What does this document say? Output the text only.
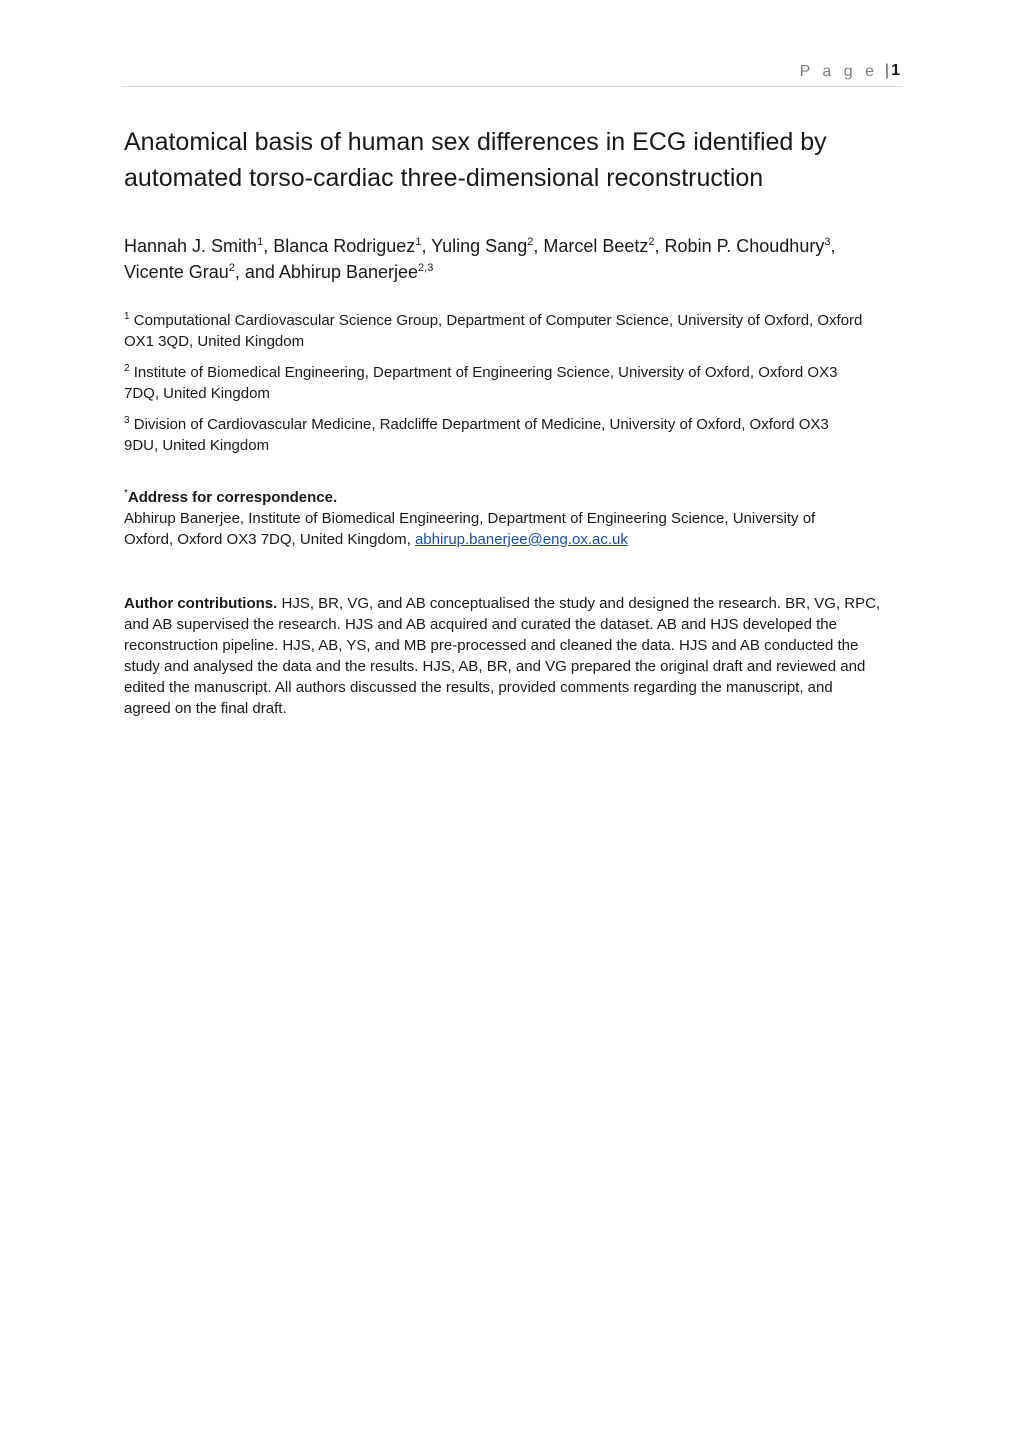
P a g e | 1
Anatomical basis of human sex differences in ECG identified by
automated torso-cardiac three-dimensional reconstruction
Hannah J. Smith$^1$, Blanca Rodriguez$^1$, Yuling Sang$^2$, Marcel Beetz$^2$, Robin P. Choudhury$^3$,
Vicente Grau$^2$, and Abhirup Banerjee$^{2,3}$
$^1$ Computational Cardiovascular Science Group, Department of Computer Science, University of Oxford, Oxford
OX1 3QD, United Kingdom
$^2$ Institute of Biomedical Engineering, Department of Engineering Science, University of Oxford, Oxford OX3
7DQ, United Kingdom
$^3$ Division of Cardiovascular Medicine, Radcliffe Department of Medicine, University of Oxford, Oxford OX3
9DU, United Kingdom
*Address for correspondence.
Abhirup Banerjee, Institute of Biomedical Engineering, Department of Engineering Science, University of
Oxford, Oxford OX3 7DQ, United Kingdom, abhirup.banerjee@eng.ox.ac.uk
Author contributions. HJS, BR, VG, and AB conceptualised the study and designed the research. BR, VG, RPC,
and AB supervised the research. HJS and AB acquired and curated the dataset. AB and HJS developed the
reconstruction pipeline. HJS, AB, YS, and MB pre-processed and cleaned the data. HJS and AB conducted the
study and analysed the data and the results. HJS, AB, BR, and VG prepared the original draft and reviewed and
edited the manuscript. All authors discussed the results, provided comments regarding the manuscript, and
agreed on the final draft.
